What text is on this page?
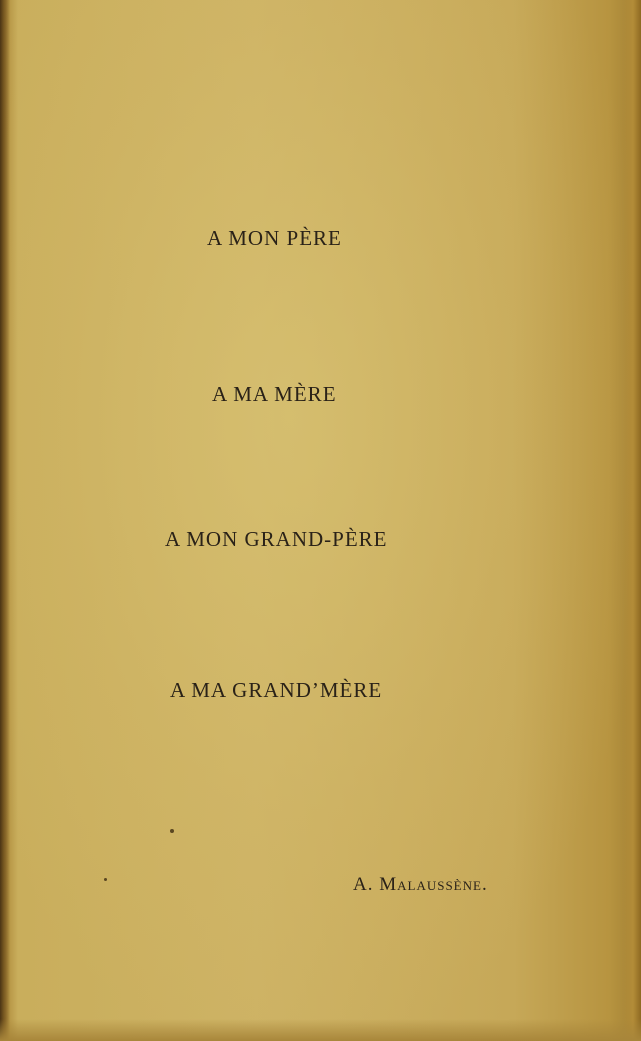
A MON PÈRE

A MA MÈRE

A MON GRAND-PÈRE

A MA GRAND’MÈRE

A. Malaussène.
